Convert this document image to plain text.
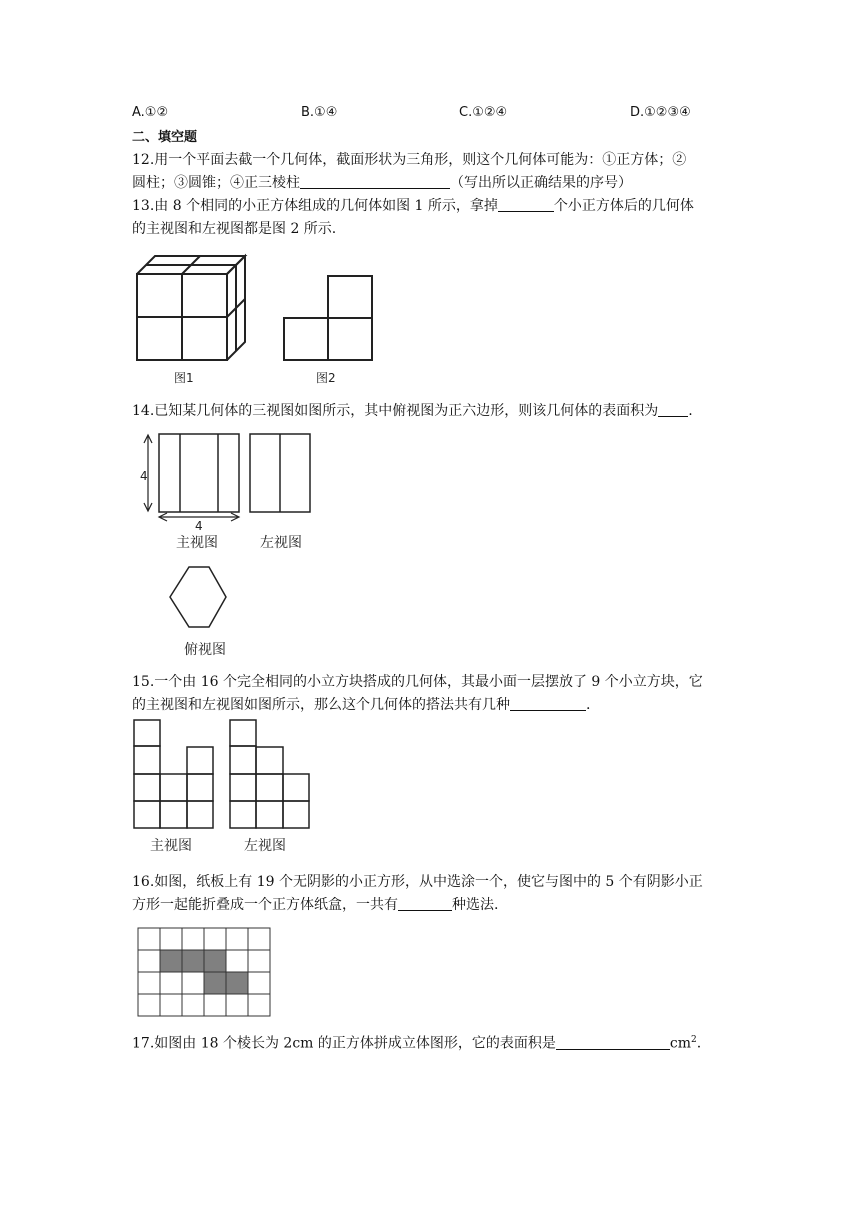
A.①②	B.①④	C.①②④	D.①②③④
二、填空题
12.用一个平面去截一个几何体，截面形状为三角形，则这个几何体可能为：①正方体；②
圆柱；③圆锥；④正三棱柱	（写出所以正确结果的序号）
13.由 8 个相同的小正方体组成的几何体如图 1 所示，拿掉	个小正方体后的几何体
的主视图和左视图都是图 2 所示.
图1	图2
14.已知某几何体的三视图如图所示，其中俯视图为正六边形，则该几何体的表面积为 .
4
4
主视图	左视图
俯视图
15.一个由 16 个完全相同的小立方块搭成的几何体，其最小面一层摆放了 9 个小立方块，它
的主视图和左视图如图所示，那么这个几何体的搭法共有几种	.
主视图	左视图
16.如图，纸板上有 19 个无阴影的小正方形，从中选涂一个，使它与图中的 5 个有阴影小正
方形一起能折叠成一个正方体纸盒，一共有	种选法.
17.如图由 18 个棱长为 2cm 的正方体拼成立体图形，它的表面积是	$cm^2$.
